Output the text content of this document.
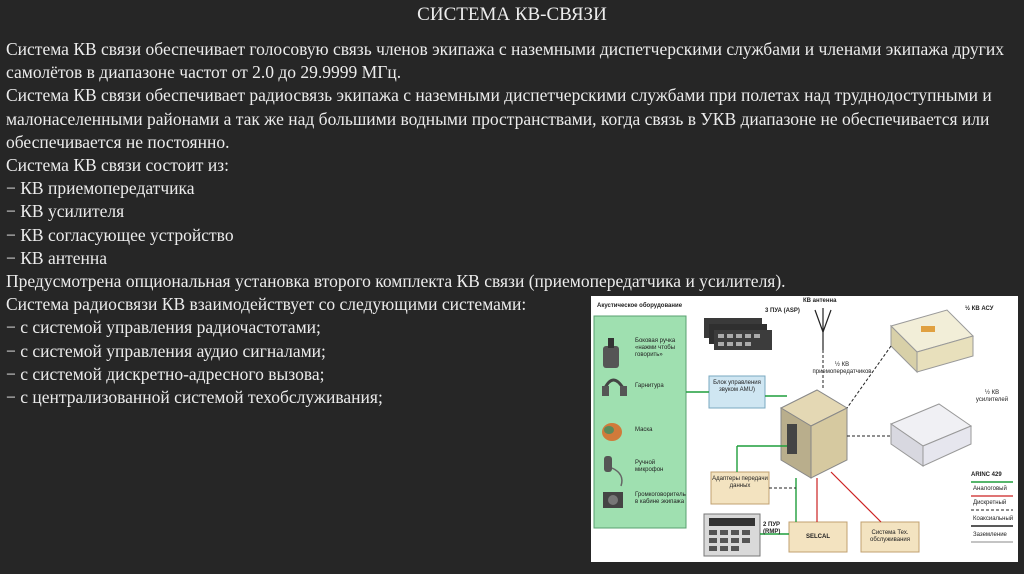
СИСТЕМА КВ-СВЯЗИ

Система КВ связи обеспечивает голосовую связь членов экипажа с наземными диспетчерскими службами и членами экипажа других самолётов в диапазоне частот от 2.0 до 29.9999 МГц.

Система КВ связи обеспечивает радиосвязь экипажа с наземными диспетчерскими службами при полетах над труднодоступными и малонаселенными районами а так же над большими водными пространствами, когда связь в УКВ диапазоне не обеспечивается или обеспечивается не постоянно.

Система КВ связи состоит из:

− КВ приемопередатчика

− КВ усилителя

− КВ согласующее устройство

− КВ антенна

Предусмотрена опциональная установка второго комплекта КВ связи (приемопередатчика и усилителя).

Система радиосвязи КВ взаимодействует со следующими системами:

− с системой управления радиочастотами;

− с системой управления аудио сигналами;

− с системой дискретно-адресного вызова;

− с централизованной системой техобслуживания;

Акустическое оборудование
Боковая ручка «нажми чтобы говорить»
Гарнитура
Маска
Ручной микрофон
Громкоговоритель в кабине экипажа
3 ПУА (ASP)
КВ антенна
½ КВ АСУ
Блок управления звуком AMU)
½ КВ приемопередатчиков
½ КВ усилителей
Адаптеры передачи данных
2 ПУР (RMP)
SELCAL
Система Тех. обслуживания
ARINC 429
Аналоговый
Дискретный
Коаксиальный
Заземление
